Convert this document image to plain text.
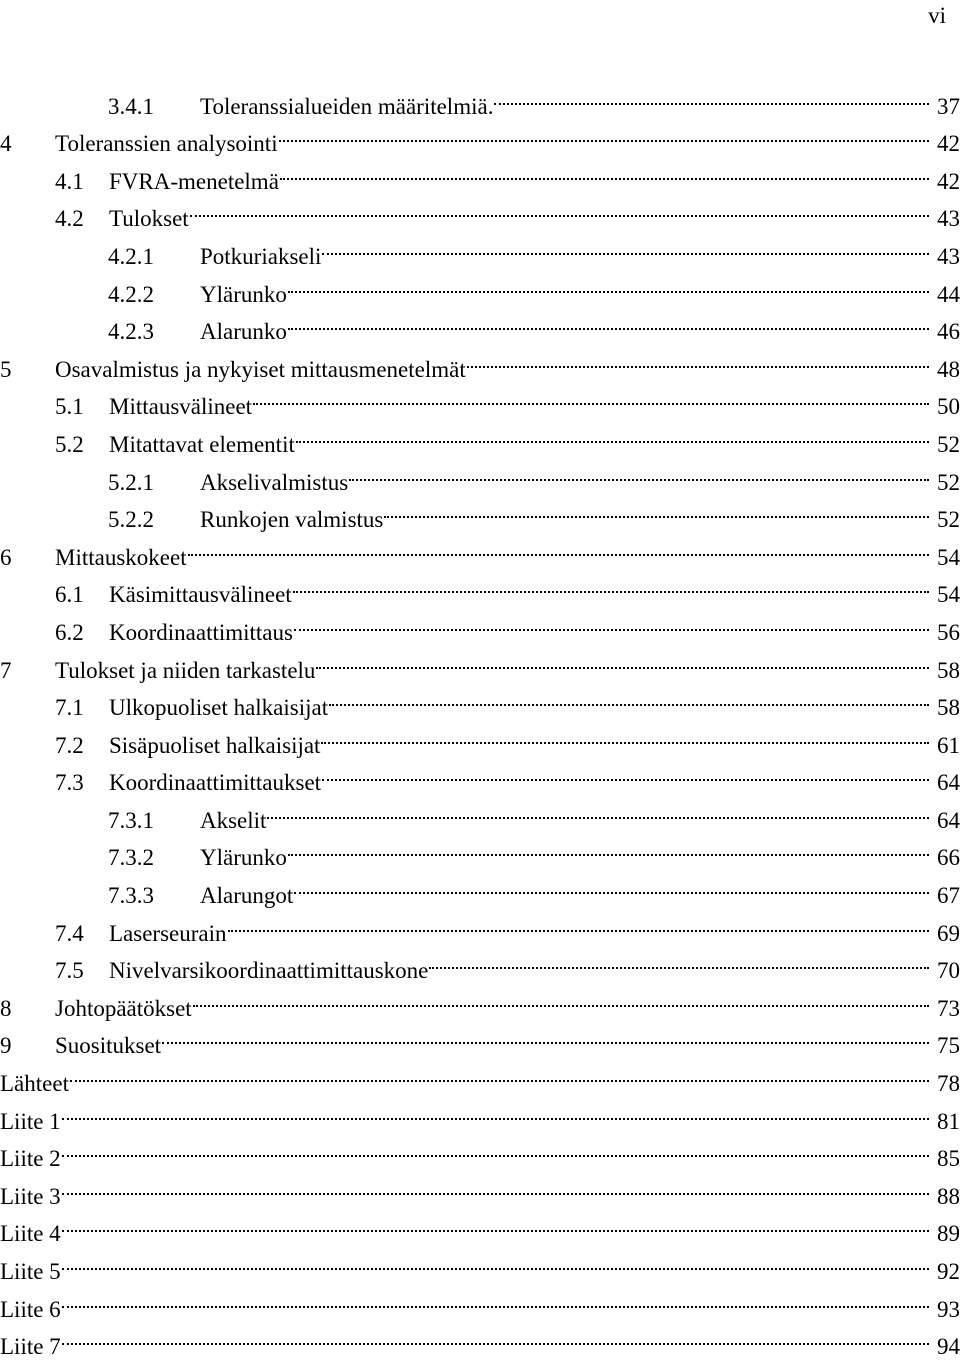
vi
3.4.1	Toleranssialueiden määritelmiä.	37
4	Toleranssien analysointi	42
4.1	FVRA-menetelmä	42
4.2	Tulokset	43
4.2.1	Potkuriakseli	43
4.2.2	Ylärunko	44
4.2.3	Alarunko	46
5	Osavalmistus ja nykyiset mittausmenetelmät	48
5.1	Mittausvälineet	50
5.2	Mitattavat elementit	52
5.2.1	Akselivalmistus	52
5.2.2	Runkojen valmistus	52
6	Mittauskokeet	54
6.1	Käsimittausvälineet	54
6.2	Koordinaattimittaus	56
7	Tulokset ja niiden tarkastelu	58
7.1	Ulkopuoliset halkaisijat	58
7.2	Sisäpuoliset halkaisijat	61
7.3	Koordinaattimittaukset	64
7.3.1	Akselit	64
7.3.2	Ylärunko	66
7.3.3	Alarungot	67
7.4	Laserseurain	69
7.5	Nivelvarsikoordinaattimittauskone	70
8	Johtopäätökset	73
9	Suositukset	75
Lähteet	78
Liite 1	81
Liite 2	85
Liite 3	88
Liite 4	89
Liite 5	92
Liite 6	93
Liite 7	94
